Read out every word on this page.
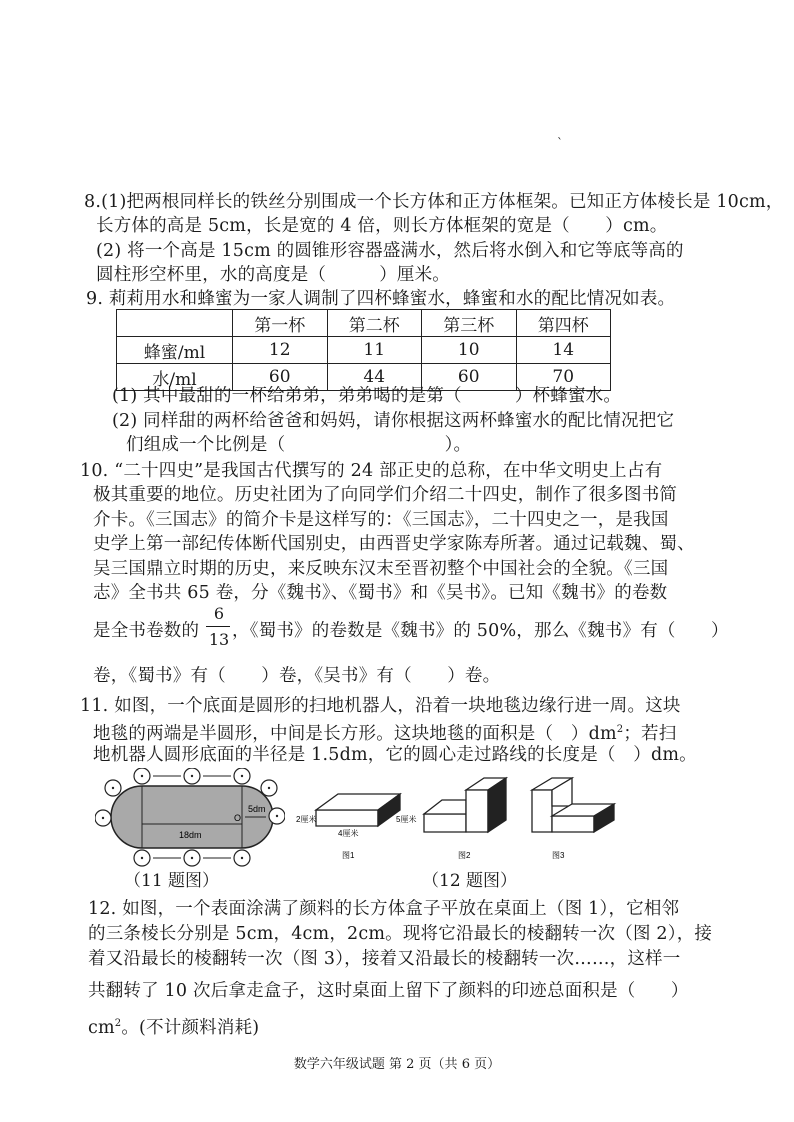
8.(1)把两根同样长的铁丝分别围成一个长方体和正方体框架。已知正方体棱长是 10cm，
长方体的高是 5cm，长是宽的 4 倍，则长方体框架的宽是（　　）cm。
(2) 将一个高是 15cm 的圆锥形容器盛满水，然后将水倒入和它等底等高的
圆柱形空杯里，水的高度是（　　　）厘米。
9. 莉莉用水和蜂蜜为一家人调制了四杯蜂蜜水，蜂蜜和水的配比情况如表。
	第一杯	第二杯	第三杯	第四杯
蜂蜜/ml	12	11	10	14
水/ml	60	44	60	70
(1) 其中最甜的一杯给弟弟，弟弟喝的是第（　　　）杯蜂蜜水。
(2) 同样甜的两杯给爸爸和妈妈，请你根据这两杯蜂蜜水的配比情况把它
们组成一个比例是（　　　　　　　　　）。
10. “二十四史”是我国古代撰写的 24 部正史的总称，在中华文明史上占有
极其重要的地位。历史社团为了向同学们介绍二十四史，制作了很多图书简
介卡。《三国志》的简介卡是这样写的：《三国志》，二十四史之一，是我国
史学上第一部纪传体断代国别史，由西晋史学家陈寿所著。通过记载魏、蜀、
吴三国鼎立时期的历史，来反映东汉末至晋初整个中国社会的全貌。《三国
志》全书共 65 卷，分《魏书》、《蜀书》和《吴书》。已知《魏书》的卷数
是全书卷数的
6
13 ，《蜀书》的卷数是《魏书》的 50%，那么《魏书》有（　　）
卷，《蜀书》有（　　）卷，《吴书》有（　　）卷。
11. 如图，一个底面是圆形的扫地机器人，沿着一块地毯边缘行进一周。这块
地毯的两端是半圆形，中间是长方形。这块地毯的面积是（　）$dm^2$；若扫
地机器人圆形底面的半径是 1.5dm，它的圆心走过路线的长度是（　）dm。
18dm
5dm
O
（11 题图）
2厘米
4厘米
5厘米
图1	图2	图3
（12 题图）
12. 如图，一个表面涂满了颜料的长方体盒子平放在桌面上（图 1），它相邻
的三条棱长分别是 5cm，4cm，2cm。现将它沿最长的棱翻转一次（图 2），接
着又沿最长的棱翻转一次（图 3），接着又沿最长的棱翻转一次……，这样一
共翻转了 10 次后拿走盒子，这时桌面上留下了颜料的印迹总面积是（　　）
$cm^2$。(不计颜料消耗)
数学六年级试题 第 2 页（共 6 页）
`
